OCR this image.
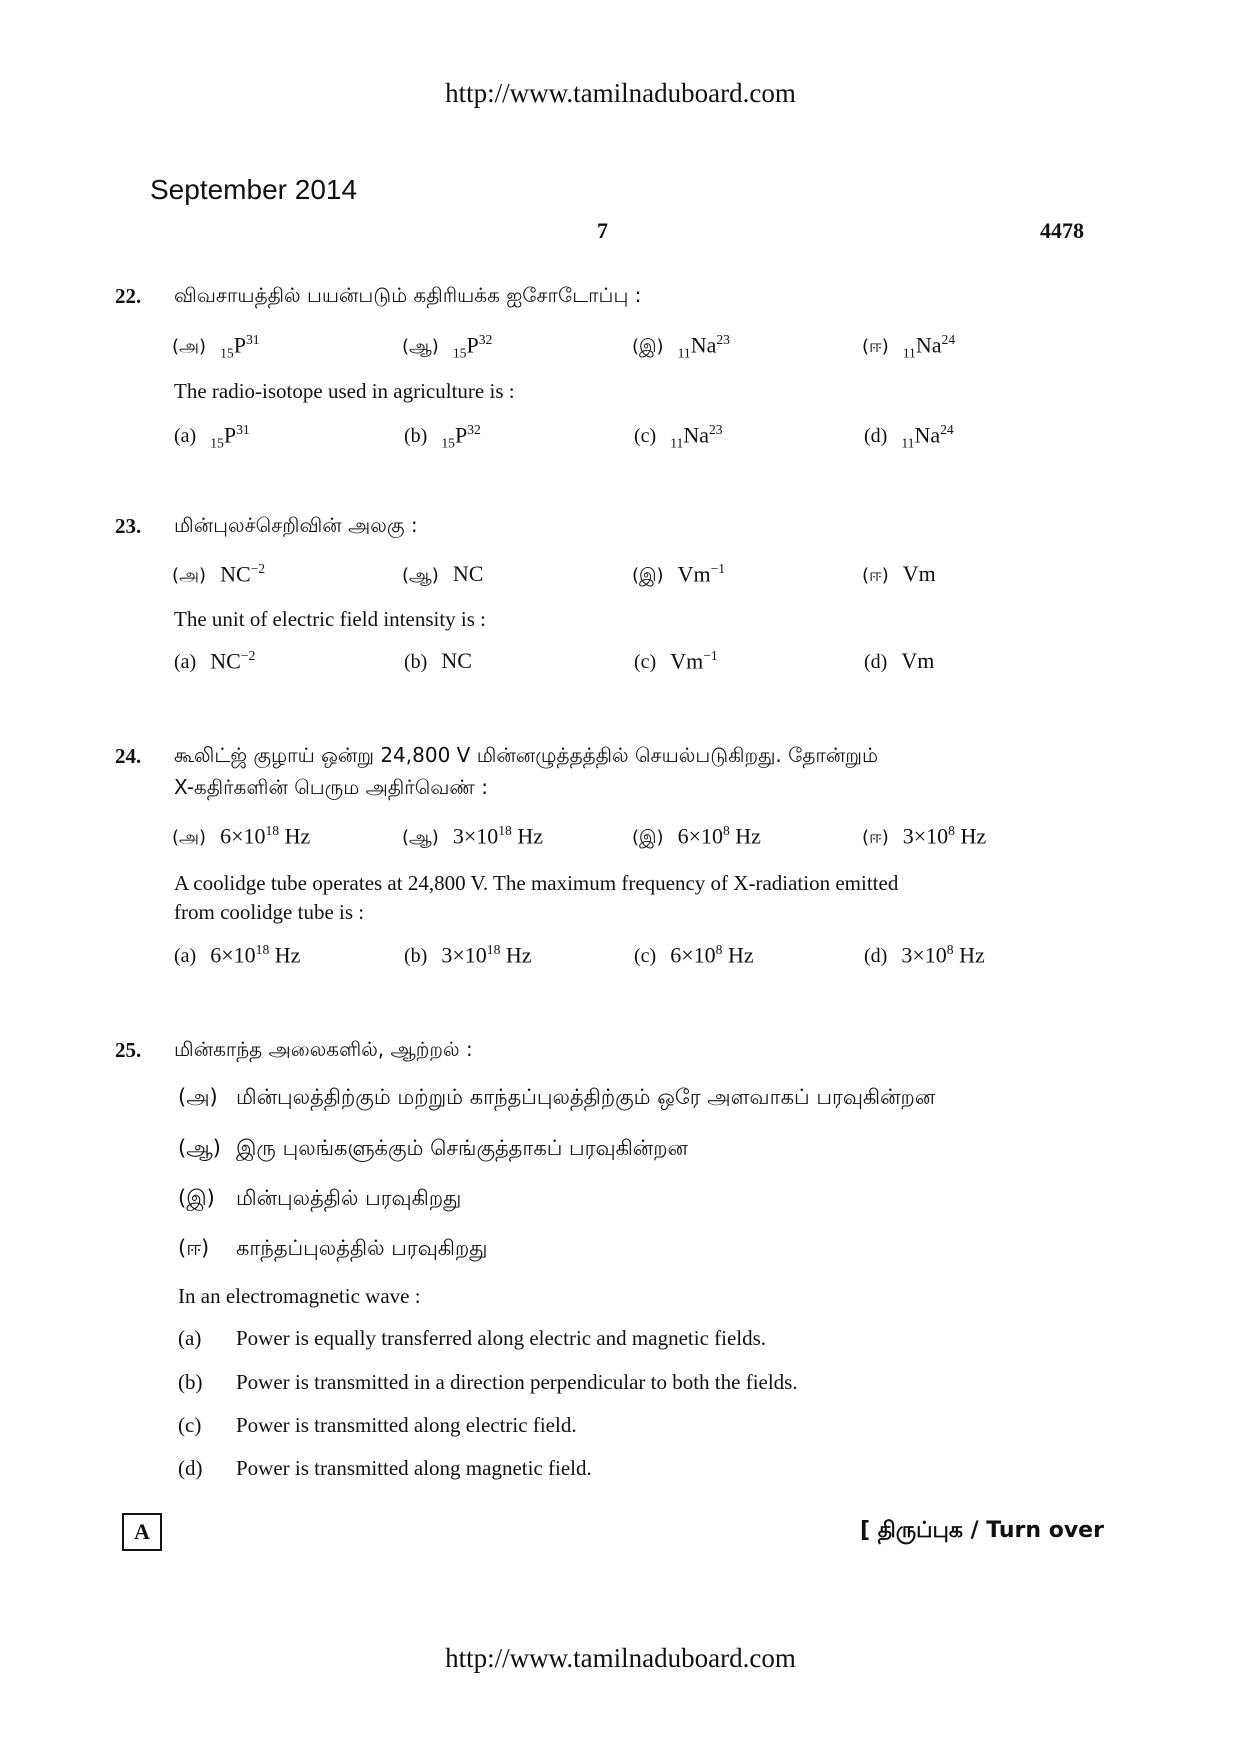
http://www.tamilnaduboard.com
September 2014
7	4478
22. விவசாயத்தில் பயன்படும் கதிரியக்க ஐசோடோப்பு :
(அ) $_{15}P^{31}$	(ஆ) $_{15}P^{32}$	(இ) $_{11}Na^{23}$	(ஈ) $_{11}Na^{24}$
The radio-isotope used in agriculture is :
(a) $_{15}P^{31}$	(b) $_{15}P^{32}$	(c) $_{11}Na^{23}$	(d) $_{11}Na^{24}$
23. மின்புலச்செறிவின் அலகு :
(அ) $NC^{-2}$	(ஆ) NC	(இ) $Vm^{-1}$	(ஈ) Vm
The unit of electric field intensity is :
(a) $NC^{-2}$	(b) NC	(c) $Vm^{-1}$	(d) Vm
24. கூலிட்ஜ் குழாய் ஒன்று 24,800 V மின்னழுத்தத்தில் செயல்படுகிறது. தோன்றும்
X-கதிர்களின் பெரும அதிர்வெண் :
(அ) $6\times 10^{18}$ Hz	(ஆ) $3\times 10^{18}$ Hz	(இ) $6\times 10^8$ Hz	(ஈ) $3\times 10^8$ Hz
A coolidge tube operates at 24,800 V. The maximum frequency of X-radiation emitted
from coolidge tube is :
(a) $6\times 10^{18}$ Hz	(b) $3\times 10^{18}$ Hz	(c) $6\times 10^8$ Hz	(d) $3\times 10^8$ Hz
25. மின்காந்த அலைகளில், ஆற்றல் :
(அ) மின்புலத்திற்கும் மற்றும் காந்தப்புலத்திற்கும் ஒரே அளவாகப் பரவுகின்றன
(ஆ) இரு புலங்களுக்கும் செங்குத்தாகப் பரவுகின்றன
(இ) மின்புலத்தில் பரவுகிறது
(ஈ) காந்தப்புலத்தில் பரவுகிறது
In an electromagnetic wave :
(a) Power is equally transferred along electric and magnetic fields.
(b) Power is transmitted in a direction perpendicular to both the fields.
(c) Power is transmitted along electric field.
(d) Power is transmitted along magnetic field.
A	[ திருப்புக / Turn over
http://www.tamilnaduboard.com
